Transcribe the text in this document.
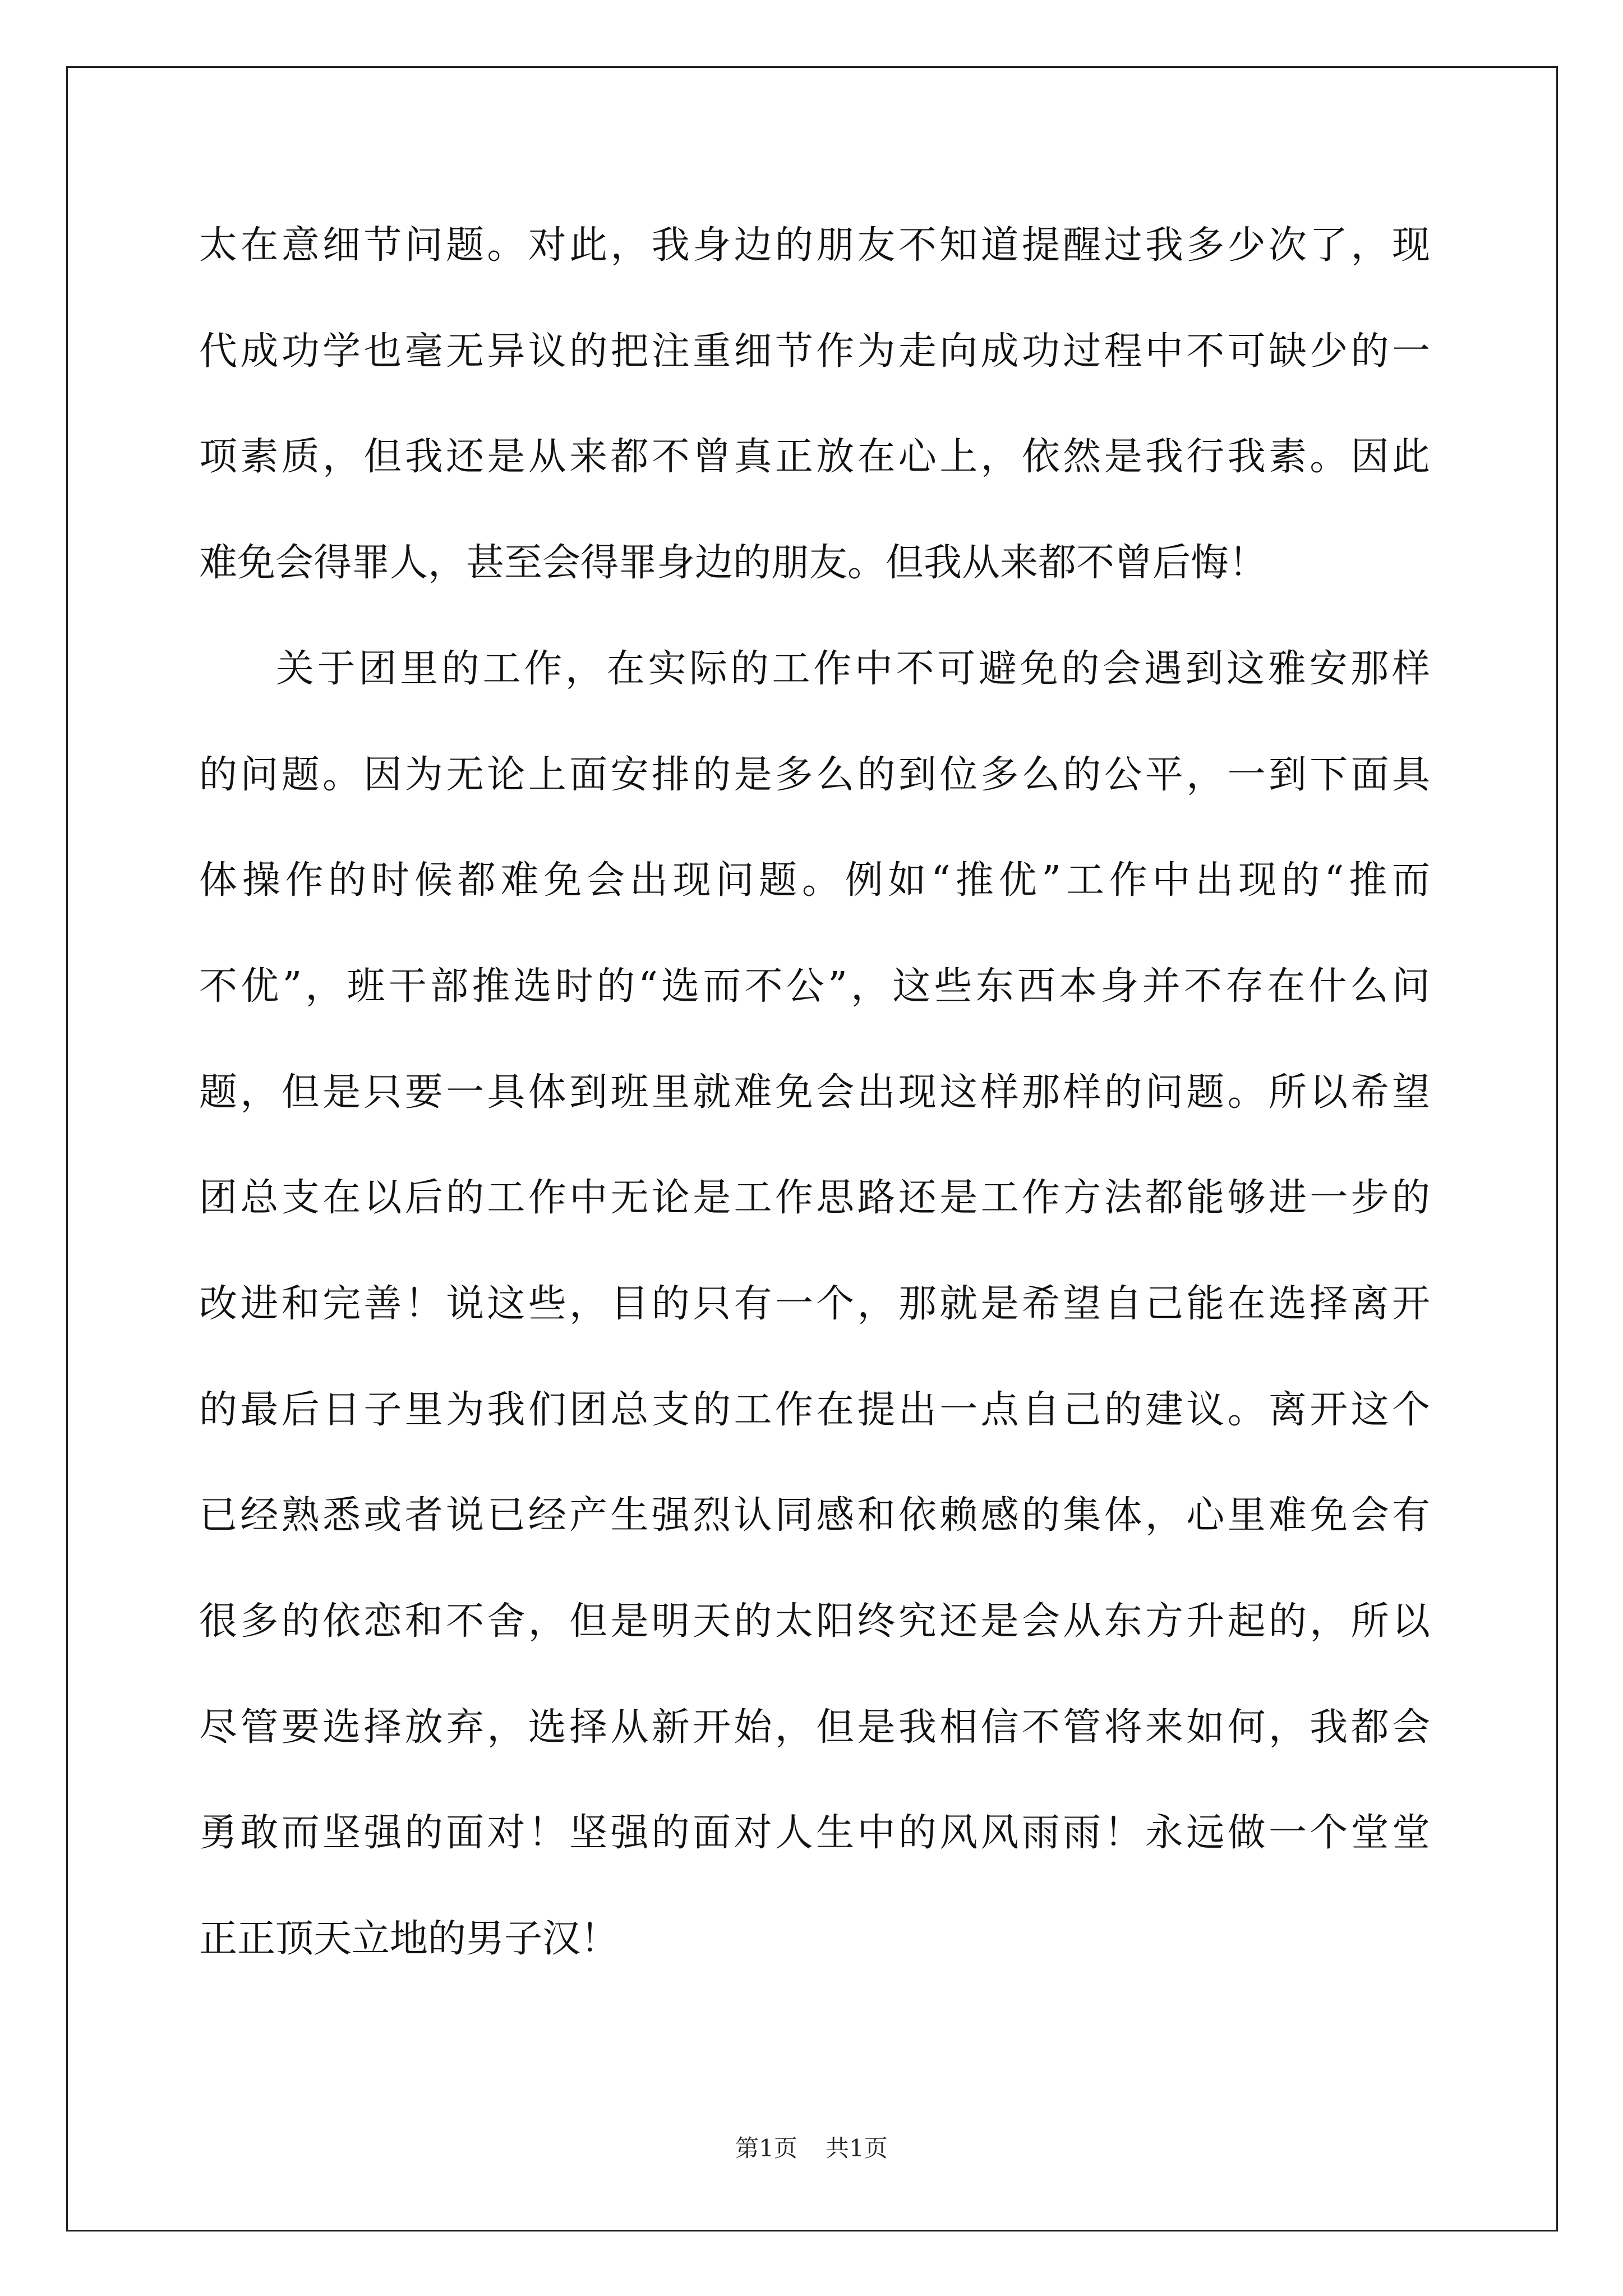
太在意细节问题。对此，我身边的朋友不知道提醒过我多少次了，现
代成功学也毫无异议的把注重细节作为走向成功过程中不可缺少的一
项素质，但我还是从来都不曾真正放在心上，依然是我行我素。因此
难免会得罪人，甚至会得罪身边的朋友。但我从来都不曾后悔！
关于团里的工作，在实际的工作中不可避免的会遇到这雅安那样
的问题。因为无论上面安排的是多么的到位多么的公平，一到下面具
体操作的时候都难免会出现问题。例如“推优”工作中出现的“推而
不优”，班干部推选时的“选而不公”，这些东西本身并不存在什么问
题，但是只要一具体到班里就难免会出现这样那样的问题。所以希望
团总支在以后的工作中无论是工作思路还是工作方法都能够进一步的
改进和完善！说这些，目的只有一个，那就是希望自己能在选择离开
的最后日子里为我们团总支的工作在提出一点自己的建议。离开这个
已经熟悉或者说已经产生强烈认同感和依赖感的集体，心里难免会有
很多的依恋和不舍，但是明天的太阳终究还是会从东方升起的，所以
尽管要选择放弃，选择从新开始，但是我相信不管将来如何，我都会
勇敢而坚强的面对！坚强的面对人生中的风风雨雨！永远做一个堂堂
正正顶天立地的男子汉！
第1页 共1页
